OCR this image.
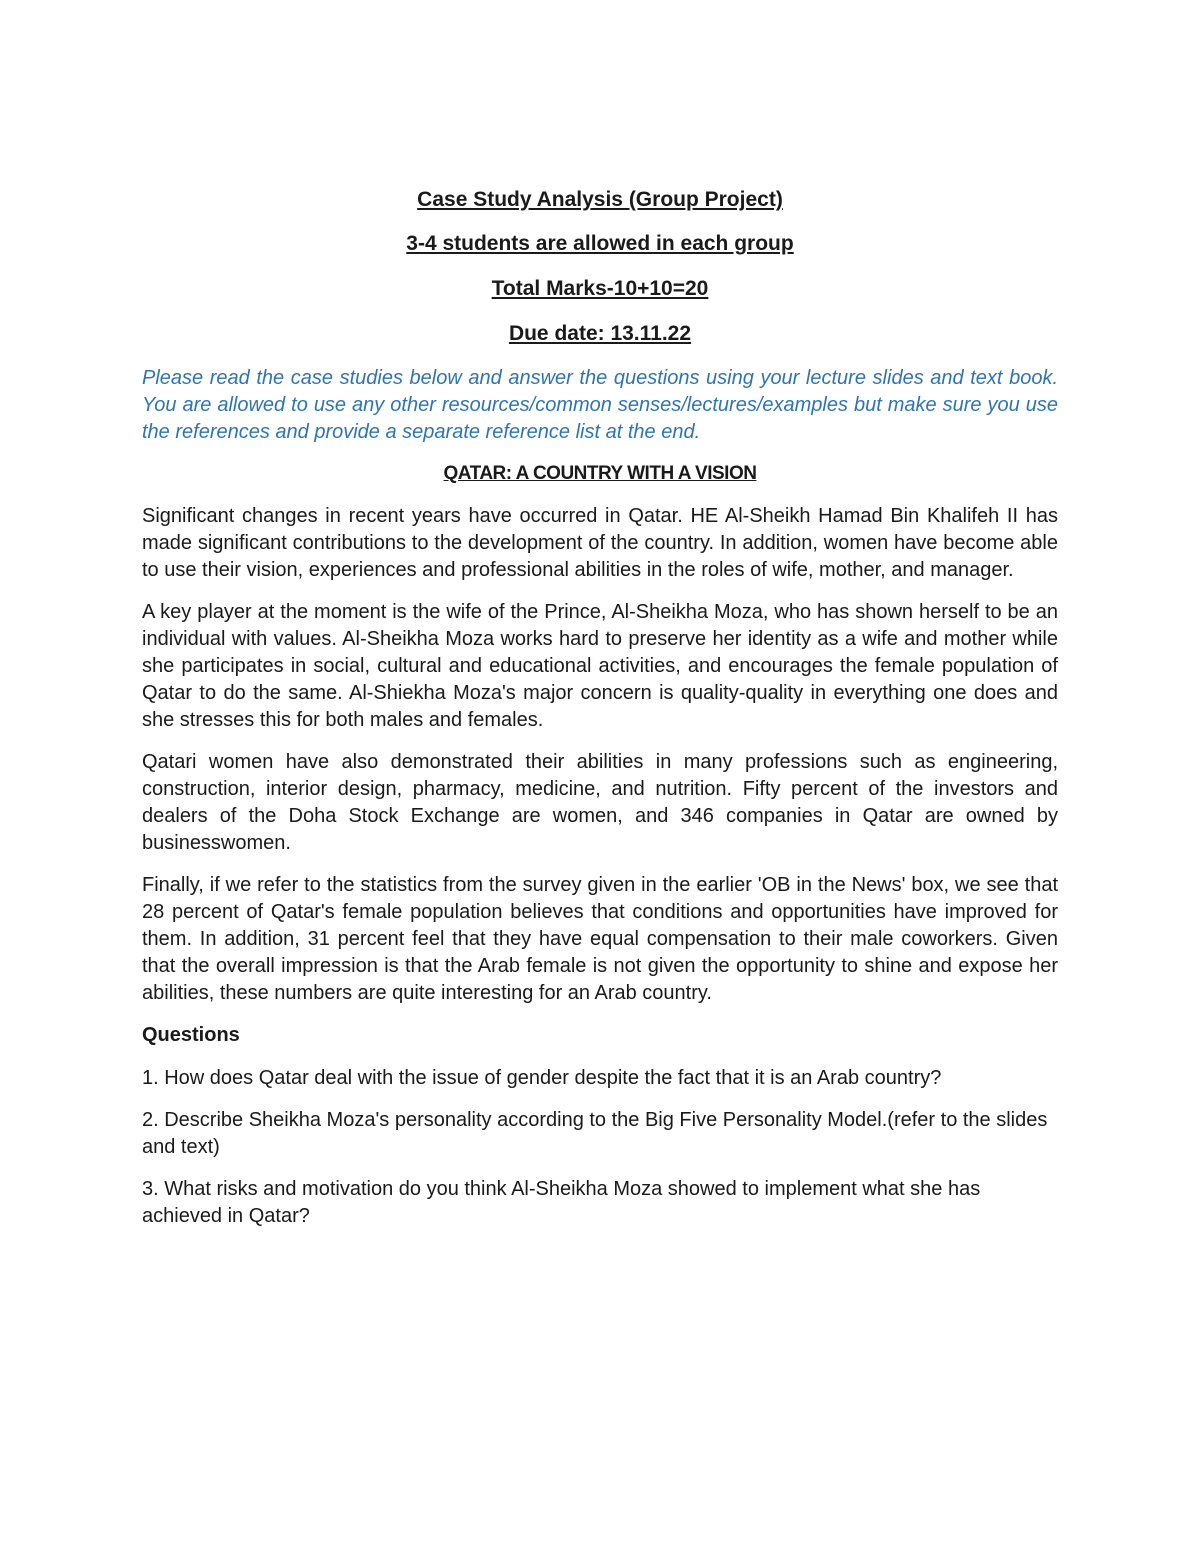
Case Study Analysis (Group Project)
3-4 students are allowed in each group
Total Marks-10+10=20
Due date: 13.11.22

Please read the case studies below and answer the questions using your lecture slides and text book. You are allowed to use any other resources/common senses/lectures/examples but make sure you use the references and provide a separate reference list at the end.

QATAR: A COUNTRY WITH A VISION

Significant changes in recent years have occurred in Qatar. HE Al-Sheikh Hamad Bin Khalifeh II has made significant contributions to the development of the country. In addition, women have become able to use their vision, experiences and professional abilities in the roles of wife, mother, and manager.

A key player at the moment is the wife of the Prince, Al-Sheikha Moza, who has shown herself to be an individual with values. Al-Sheikha Moza works hard to preserve her identity as a wife and mother while she participates in social, cultural and educational activities, and encourages the female population of Qatar to do the same. Al-Shiekha Moza's major concern is quality-quality in everything one does and she stresses this for both males and females.

Qatari women have also demonstrated their abilities in many professions such as engineering, construction, interior design, pharmacy, medicine, and nutrition. Fifty percent of the investors and dealers of the Doha Stock Exchange are women, and 346 companies in Qatar are owned by businesswomen.

Finally, if we refer to the statistics from the survey given in the earlier 'OB in the News' box, we see that 28 percent of Qatar's female population believes that conditions and opportunities have improved for them. In addition, 31 percent feel that they have equal compensation to their male coworkers. Given that the overall impression is that the Arab female is not given the opportunity to shine and expose her abilities, these numbers are quite interesting for an Arab country.

Questions

1. How does Qatar deal with the issue of gender despite the fact that it is an Arab country?

2. Describe Sheikha Moza's personality according to the Big Five Personality Model.(refer to the slides and text)

3. What risks and motivation do you think Al-Sheikha Moza showed to implement what she has achieved in Qatar?
